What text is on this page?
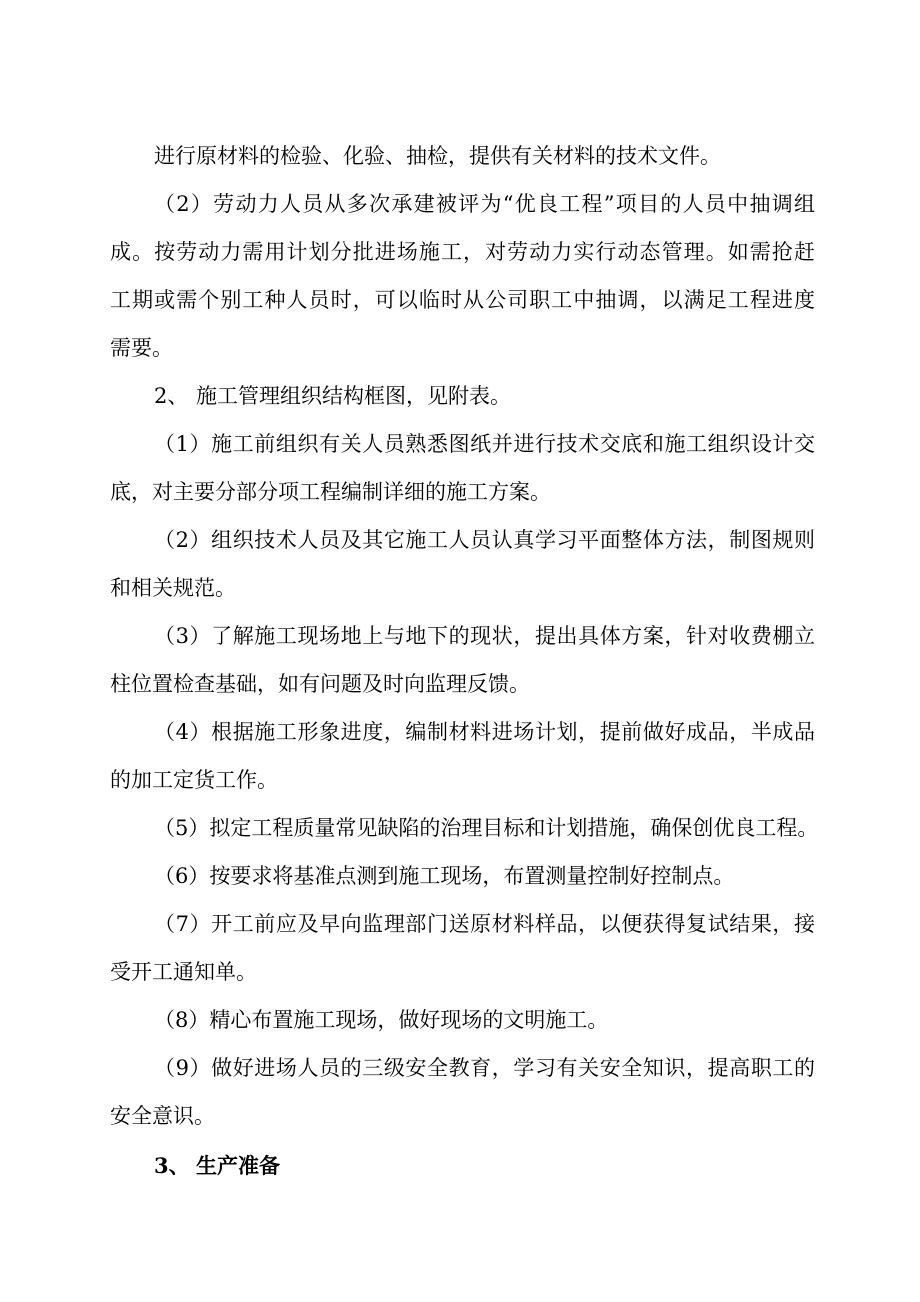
进行原材料的检验、化验、抽检，提供有关材料的技术文件。
（2）劳动力人员从多次承建被评为“优良工程”项目的人员中抽调组
成。按劳动力需用计划分批进场施工，对劳动力实行动态管理。如需抢赶
工期或需个别工种人员时，可以临时从公司职工中抽调，以满足工程进度
需要。
2、 施工管理组织结构框图，见附表。
（1）施工前组织有关人员熟悉图纸并进行技术交底和施工组织设计交
底，对主要分部分项工程编制详细的施工方案。
（2）组织技术人员及其它施工人员认真学习平面整体方法，制图规则
和相关规范。
（3）了解施工现场地上与地下的现状，提出具体方案，针对收费棚立
柱位置检查基础，如有问题及时向监理反馈。
（4）根据施工形象进度，编制材料进场计划，提前做好成品，半成品
的加工定货工作。
（5）拟定工程质量常见缺陷的治理目标和计划措施，确保创优良工程。
（6）按要求将基准点测到施工现场，布置测量控制好控制点。
（7）开工前应及早向监理部门送原材料样品，以便获得复试结果，接
受开工通知单。
（8）精心布置施工现场，做好现场的文明施工。
（9）做好进场人员的三级安全教育，学习有关安全知识，提高职工的
安全意识。
3、 生产准备
